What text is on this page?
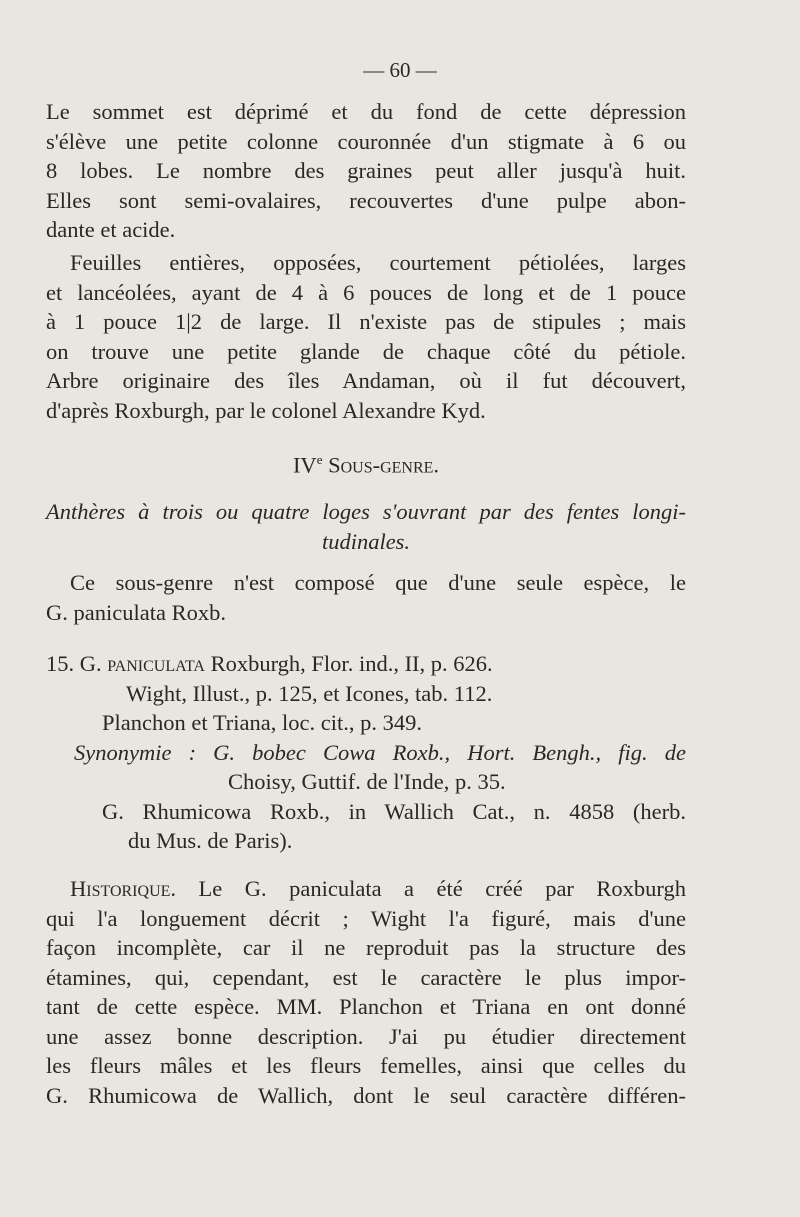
— 60 —
Le sommet est déprimé et du fond de cette dépression
s'élève une petite colonne couronnée d'un stigmate à 6 ou
8 lobes. Le nombre des graines peut aller jusqu'à huit.
Elles sont semi-ovalaires, recouvertes d'une pulpe abon-
dante et acide.
Feuilles entières, opposées, courtement pétiolées, larges
et lancéolées, ayant de 4 à 6 pouces de long et de 1 pouce
à 1 pouce 1|2 de large. Il n'existe pas de stipules ; mais
on trouve une petite glande de chaque côté du pétiole.
Arbre originaire des îles Andaman, où il fut découvert,
d'après Roxburgh, par le colonel Alexandre Kyd.
IVe Sous-genre.
Anthères à trois ou quatre loges s'ouvrant par des fentes longi-
tudinales.
Ce sous-genre n'est composé que d'une seule espèce, le
G. paniculata Roxb.
15. G. paniculata Roxburgh, Flor. ind., II, p. 626.
Wight, Illust., p. 125, et Icones, tab. 112.
Planchon et Triana, loc. cit., p. 349.
Synonymie : G. bobec Cowa Roxb., Hort. Bengh., fig. de
Choisy, Guttif. de l'Inde, p. 35.
G. Rhumicowa Roxb., in Wallich Cat., n. 4858 (herb.
du Mus. de Paris).
Historique. Le G. paniculata a été créé par Roxburgh
qui l'a longuement décrit ; Wight l'a figuré, mais d'une
façon incomplète, car il ne reproduit pas la structure des
étamines, qui, cependant, est le caractère le plus impor-
tant de cette espèce. MM. Planchon et Triana en ont donné
une assez bonne description. J'ai pu étudier directement
les fleurs mâles et les fleurs femelles, ainsi que celles du
G. Rhumicowa de Wallich, dont le seul caractère différen-
